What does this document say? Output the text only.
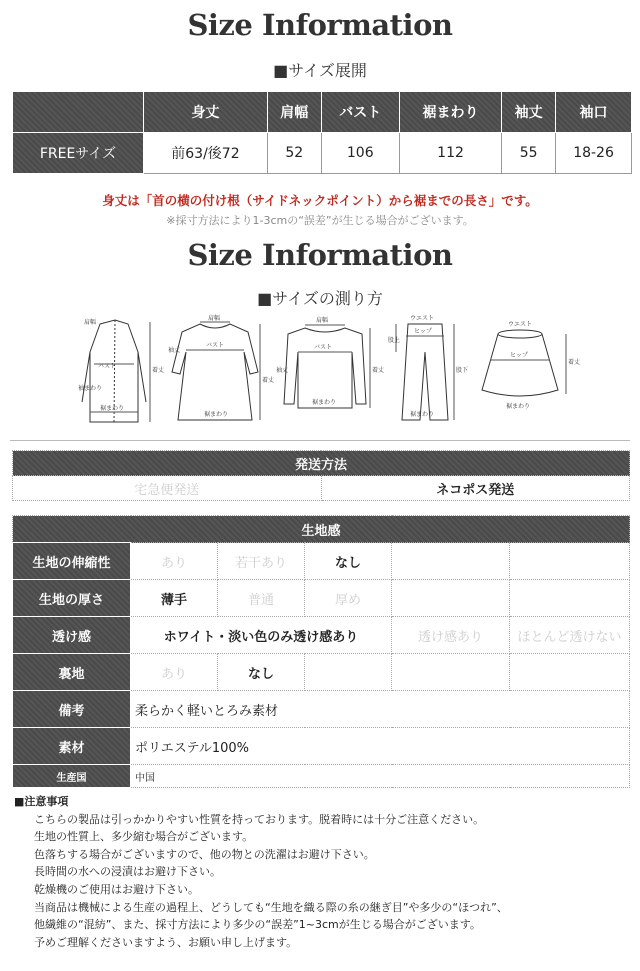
Size Information
■サイズ展開
	身丈	肩幅	バスト	裾まわり	袖丈	袖口
FREEサイズ	前63/後72	52	106	112	55	18-26
身丈は「首の横の付け根（サイドネックポイント）から裾までの長さ」です。
※採寸方法により1-3cmの“誤差”が生じる場合がございます。
Size Information
■サイズの測り方
肩幅
バスト
裾まわり
着丈
袖まわり
肩幅
バスト
裾まわり
着丈
袖丈
肩幅
バスト
裾まわり
着丈
袖丈
ウエスト
ヒップ
股上
股下
裾まわり
ウエスト
ヒップ
裾まわり
着丈
発送方法
宅急便発送	ネコポス発送
生地感					
生地の伸縮性	あり	若干あり	なし		
生地の厚さ	薄手	普通	厚め		
透け感	ホワイト・淡い色のみ透け感あり			透け感あり	ほとんど透けない
裏地	あり	なし			
備考	柔らかく軽いとろみ素材				
素材	ポリエステル100%				
生産国	中国				
■注意事項
こちらの製品は引っかかりやすい性質を持っております。脱着時には十分ご注意ください。
生地の性質上、多少縮む場合がございます。
色落ちする場合がございますので、他の物との洗濯はお避け下さい。
長時間の水への浸漬はお避け下さい。
乾燥機のご使用はお避け下さい。
当商品は機械による生産の過程上、どうしても“生地を織る際の糸の継ぎ目”や多少の“ほつれ”、
他繊維の“混紡”、また、採寸方法により多少の“誤差”1~3cmが生じる場合がございます。
予めご理解くださいますよう、お願い申し上げます。
